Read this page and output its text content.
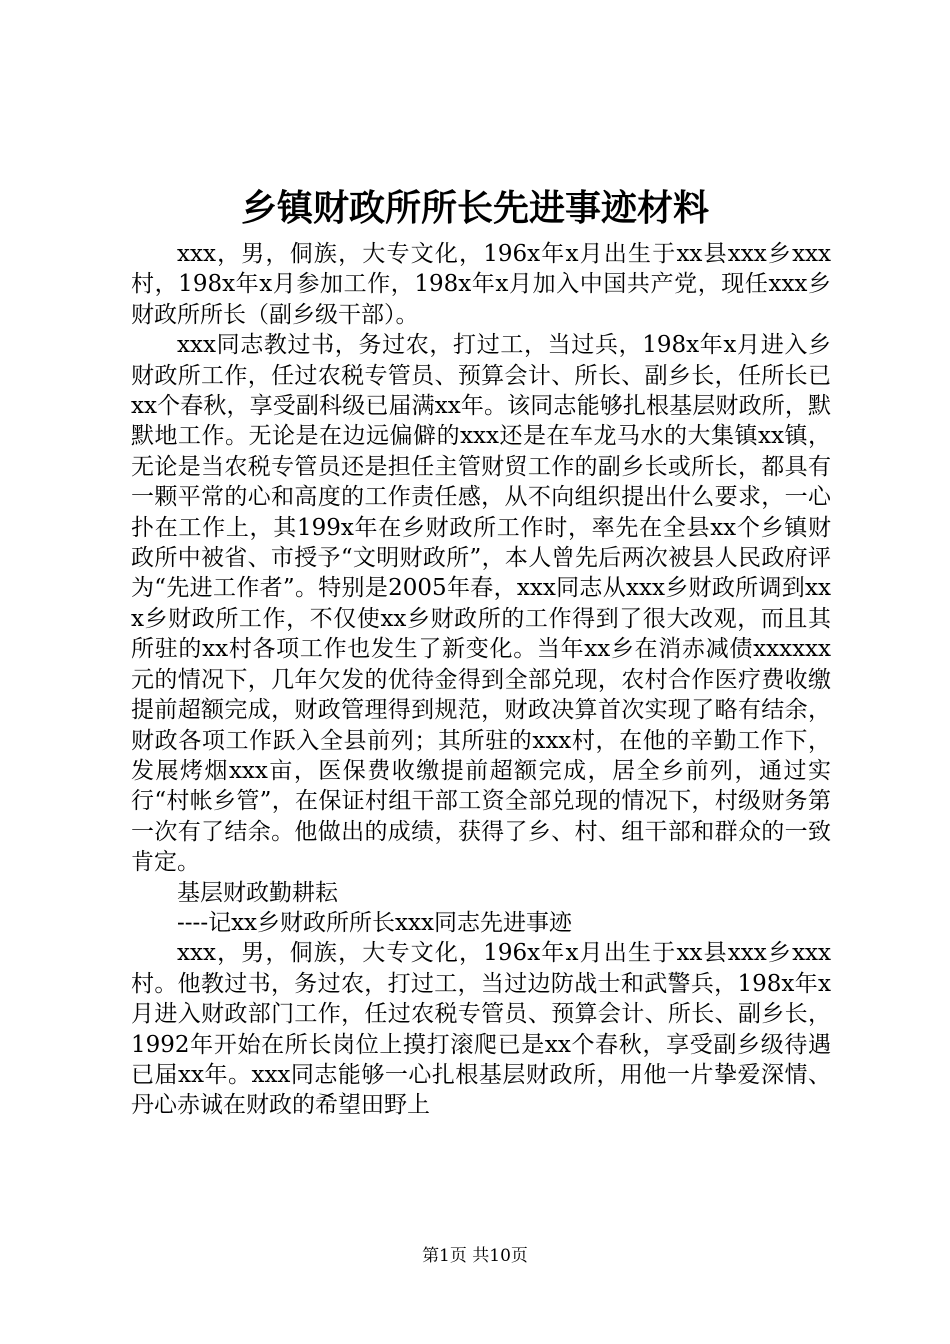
乡镇财政所所长先进事迹材料

xxx，男，侗族，大专文化，196x年x月出生于xx县xxx乡xxx村，198x年x月参加工作，198x年x月加入中国共产党，现任xxx乡财政所所长（副乡级干部）。

xxx同志教过书，务过农，打过工，当过兵，198x年x月进入乡财政所工作，任过农税专管员、预算会计、所长、副乡长，任所长已xx个春秋，享受副科级已届满xx年。该同志能够扎根基层财政所，默默地工作。无论是在边远偏僻的xxx还是在车龙马水的大集镇xx镇，无论是当农税专管员还是担任主管财贸工作的副乡长或所长，都具有一颗平常的心和高度的工作责任感，从不向组织提出什么要求，一心扑在工作上，其199x年在乡财政所工作时，率先在全县xx个乡镇财政所中被省、市授予“文明财政所”，本人曾先后两次被县人民政府评为“先进工作者”。特别是2005年春，xxx同志从xxx乡财政所调到xxx乡财政所工作，不仅使xx乡财政所的工作得到了很大改观，而且其所驻的xx村各项工作也发生了新变化。当年xx乡在消赤减债xxxxxx元的情况下，几年欠发的优待金得到全部兑现，农村合作医疗费收缴提前超额完成，财政管理得到规范，财政决算首次实现了略有结余，财政各项工作跃入全县前列；其所驻的xxx村，在他的辛勤工作下，发展烤烟xxx亩，医保费收缴提前超额完成，居全乡前列，通过实行“村帐乡管”，在保证村组干部工资全部兑现的情况下，村级财务第一次有了结余。他做出的成绩，获得了乡、村、组干部和群众的一致肯定。

基层财政勤耕耘

----记xx乡财政所所长xxx同志先进事迹

xxx，男，侗族，大专文化，196x年x月出生于xx县xxx乡xxx村。他教过书，务过农，打过工，当过边防战士和武警兵，198x年x月进入财政部门工作，任过农税专管员、预算会计、所长、副乡长，1992年开始在所长岗位上摸打滚爬已是xx个春秋，享受副乡级待遇已届xx年。xxx同志能够一心扎根基层财政所，用他一片挚爱深情、丹心赤诚在财政的希望田野上

第1页 共10页
